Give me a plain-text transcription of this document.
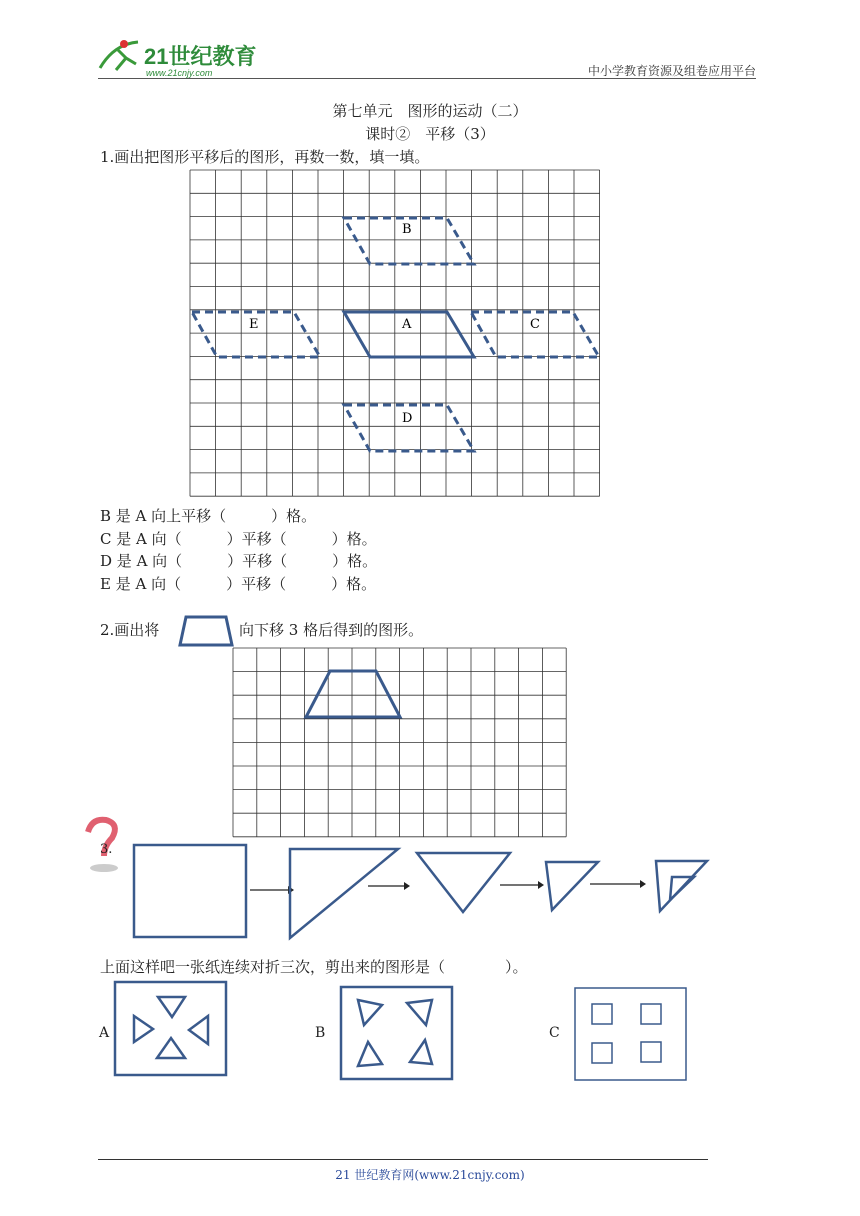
21世纪教育
www.21cnjy.com	中小学教育资源及组卷应用平台
第七单元　图形的运动（二）
课时②　平移（3）
1.画出把图形平移后的图形，再数一数，填一填。
B
A
E	C
D
B 是 A 向上平移（　　　）格。
C 是 A 向（　　　）平移（　　　）格。
D 是 A 向（　　　）平移（　　　）格。
E 是 A 向（　　　）平移（　　　）格。
2.画出将	向下移 3 格后得到的图形。
3.
上面这样吧一张纸连续对折三次，剪出来的图形是（　　　　）。
A	B	C
21 世纪教育网(www.21cnjy.com)
